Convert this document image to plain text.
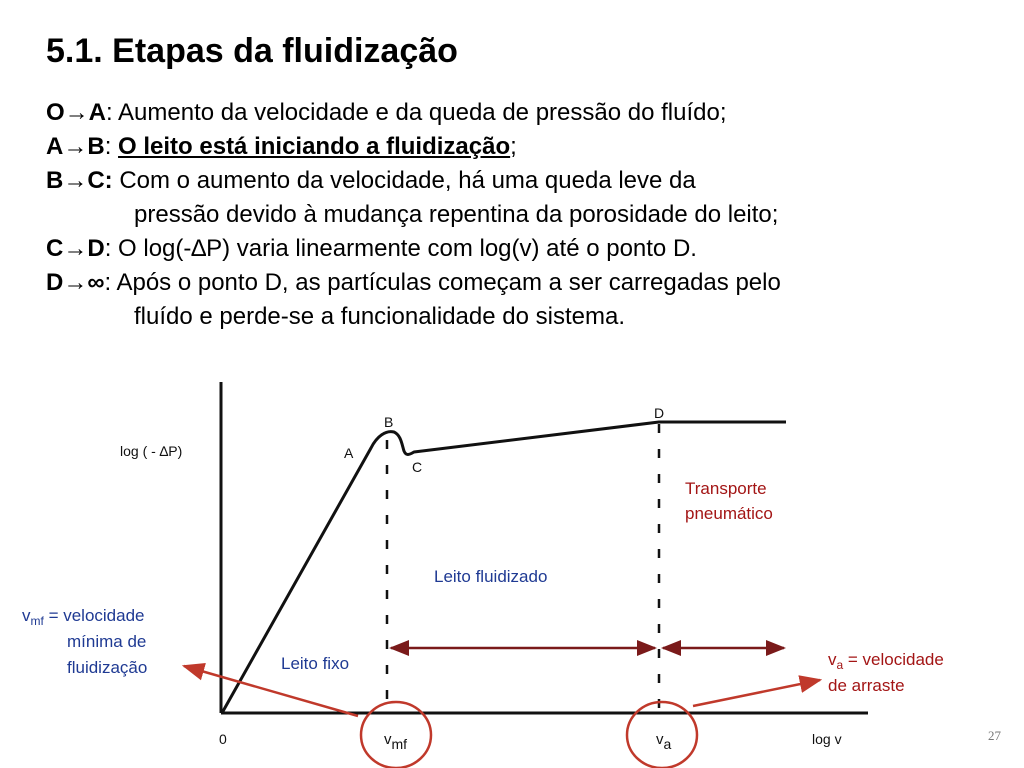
5.1. Etapas da fluidização
O→A: Aumento da velocidade e da queda de pressão do fluído;
A→B: O leito está iniciando a fluidização;
B→C: Com o aumento da velocidade, há uma queda leve da
pressão devido à mudança repentina da porosidade do leito;
C→D: O log(-∆P) varia linearmente com log(v) até o ponto D.
D→∞: Após o ponto D, as partículas começam a ser carregadas pelo
fluído e perde-se a funcionalidade do sistema.
log ( - ∆P)
log v
0
A
B
C
D
vmf	va
Leito fixo
Leito fluidizado
Transporte
pneumático
$v_{mf}$ = velocidade
mínima de
fluidização	$v_a$ = velocidade
de arraste
27
